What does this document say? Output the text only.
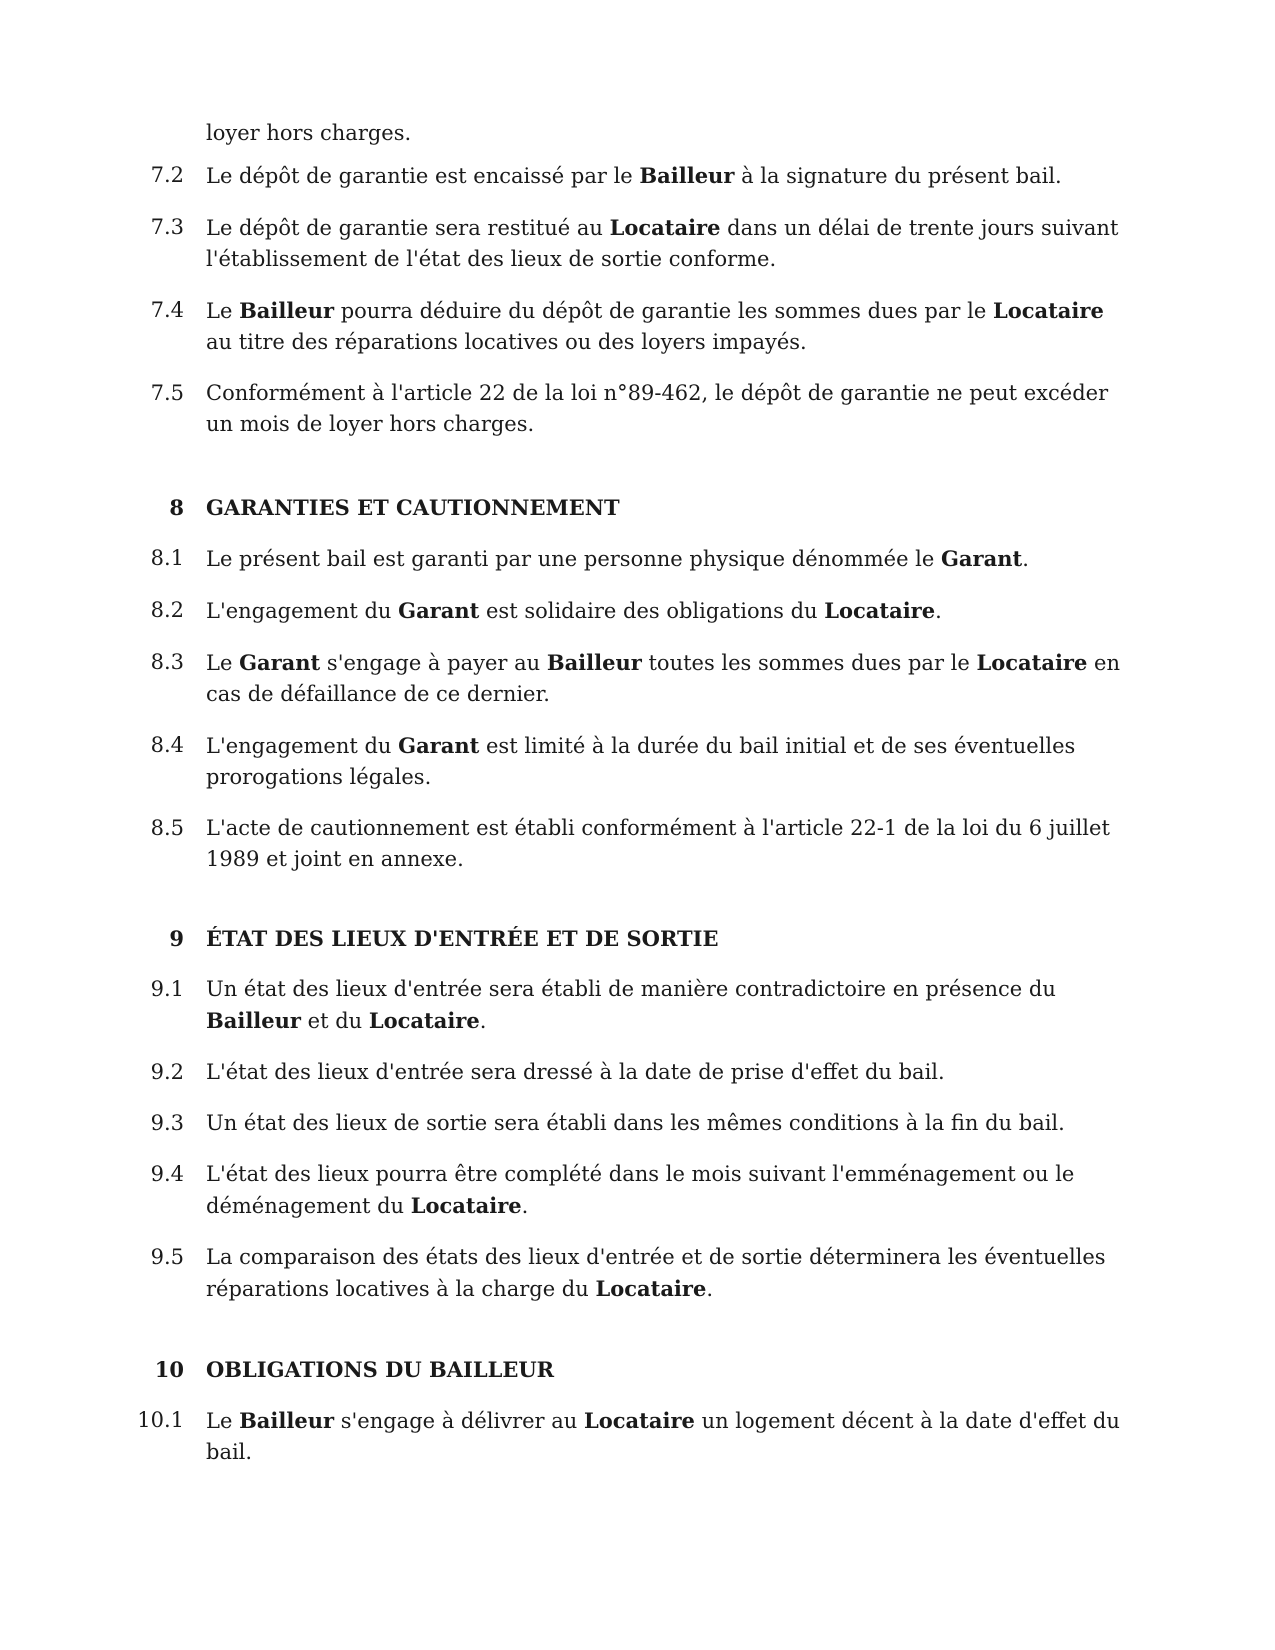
loyer hors charges.
7.2 Le dépôt de garantie est encaissé par le Bailleur à la signature du présent bail.
7.3 Le dépôt de garantie sera restitué au Locataire dans un délai de trente jours suivant l'établissement de l'état des lieux de sortie conforme.
7.4 Le Bailleur pourra déduire du dépôt de garantie les sommes dues par le Locataire au titre des réparations locatives ou des loyers impayés.
7.5 Conformément à l'article 22 de la loi n°89-462, le dépôt de garantie ne peut excéder un mois de loyer hors charges.
8 GARANTIES ET CAUTIONNEMENT
8.1 Le présent bail est garanti par une personne physique dénommée le Garant.
8.2 L'engagement du Garant est solidaire des obligations du Locataire.
8.3 Le Garant s'engage à payer au Bailleur toutes les sommes dues par le Locataire en cas de défaillance de ce dernier.
8.4 L'engagement du Garant est limité à la durée du bail initial et de ses éventuelles prorogations légales.
8.5 L'acte de cautionnement est établi conformément à l'article 22-1 de la loi du 6 juillet 1989 et joint en annexe.
9 ÉTAT DES LIEUX D'ENTRÉE ET DE SORTIE
9.1 Un état des lieux d'entrée sera établi de manière contradictoire en présence du Bailleur et du Locataire.
9.2 L'état des lieux d'entrée sera dressé à la date de prise d'effet du bail.
9.3 Un état des lieux de sortie sera établi dans les mêmes conditions à la fin du bail.
9.4 L'état des lieux pourra être complété dans le mois suivant l'emménagement ou le déménagement du Locataire.
9.5 La comparaison des états des lieux d'entrée et de sortie déterminera les éventuelles réparations locatives à la charge du Locataire.
10 OBLIGATIONS DU BAILLEUR
10.1 Le Bailleur s'engage à délivrer au Locataire un logement décent à la date d'effet du bail.
